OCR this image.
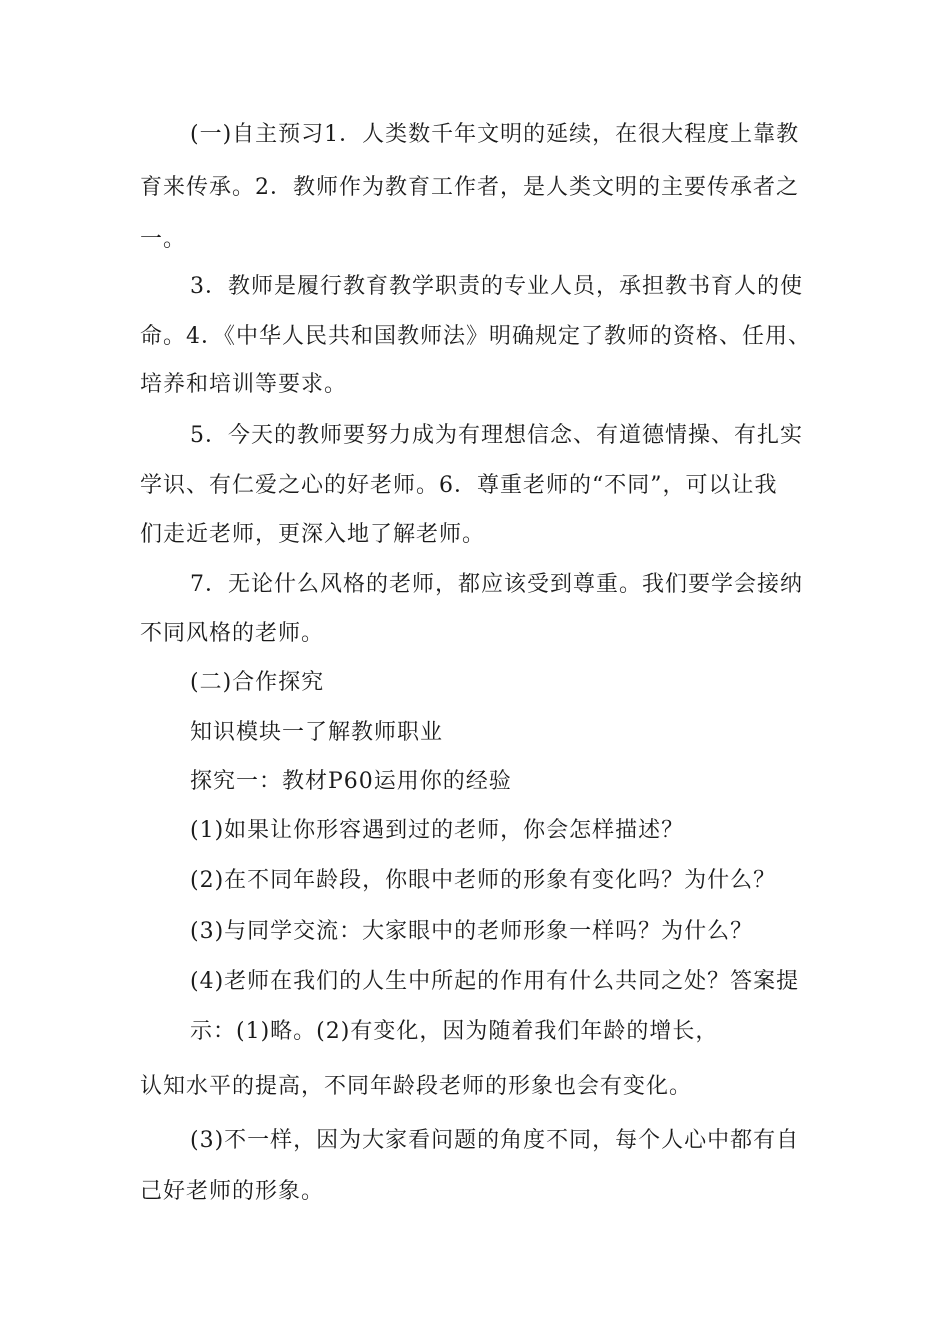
(一)自主预习1．人类数千年文明的延续，在很大程度上靠教
育来传承。2．教师作为教育工作者，是人类文明的主要传承者之
一。
3．教师是履行教育教学职责的专业人员，承担教书育人的使
命。4．《中华人民共和国教师法》明确规定了教师的资格、任用、
培养和培训等要求。
5．今天的教师要努力成为有理想信念、有道德情操、有扎实
学识、有仁爱之心的好老师。6．尊重老师的“不同”，可以让我
们走近老师，更深入地了解老师。
7．无论什么风格的老师，都应该受到尊重。我们要学会接纳
不同风格的老师。
(二)合作探究
知识模块一了解教师职业
探究一：教材P60运用你的经验
(1)如果让你形容遇到过的老师，你会怎样描述？
(2)在不同年龄段，你眼中老师的形象有变化吗？为什么？
(3)与同学交流：大家眼中的老师形象一样吗？为什么？
(4)老师在我们的人生中所起的作用有什么共同之处？答案提
示：(1)略。(2)有变化，因为随着我们年龄的增长，
认知水平的提高，不同年龄段老师的形象也会有变化。
(3)不一样，因为大家看问题的角度不同，每个人心中都有自
己好老师的形象。
